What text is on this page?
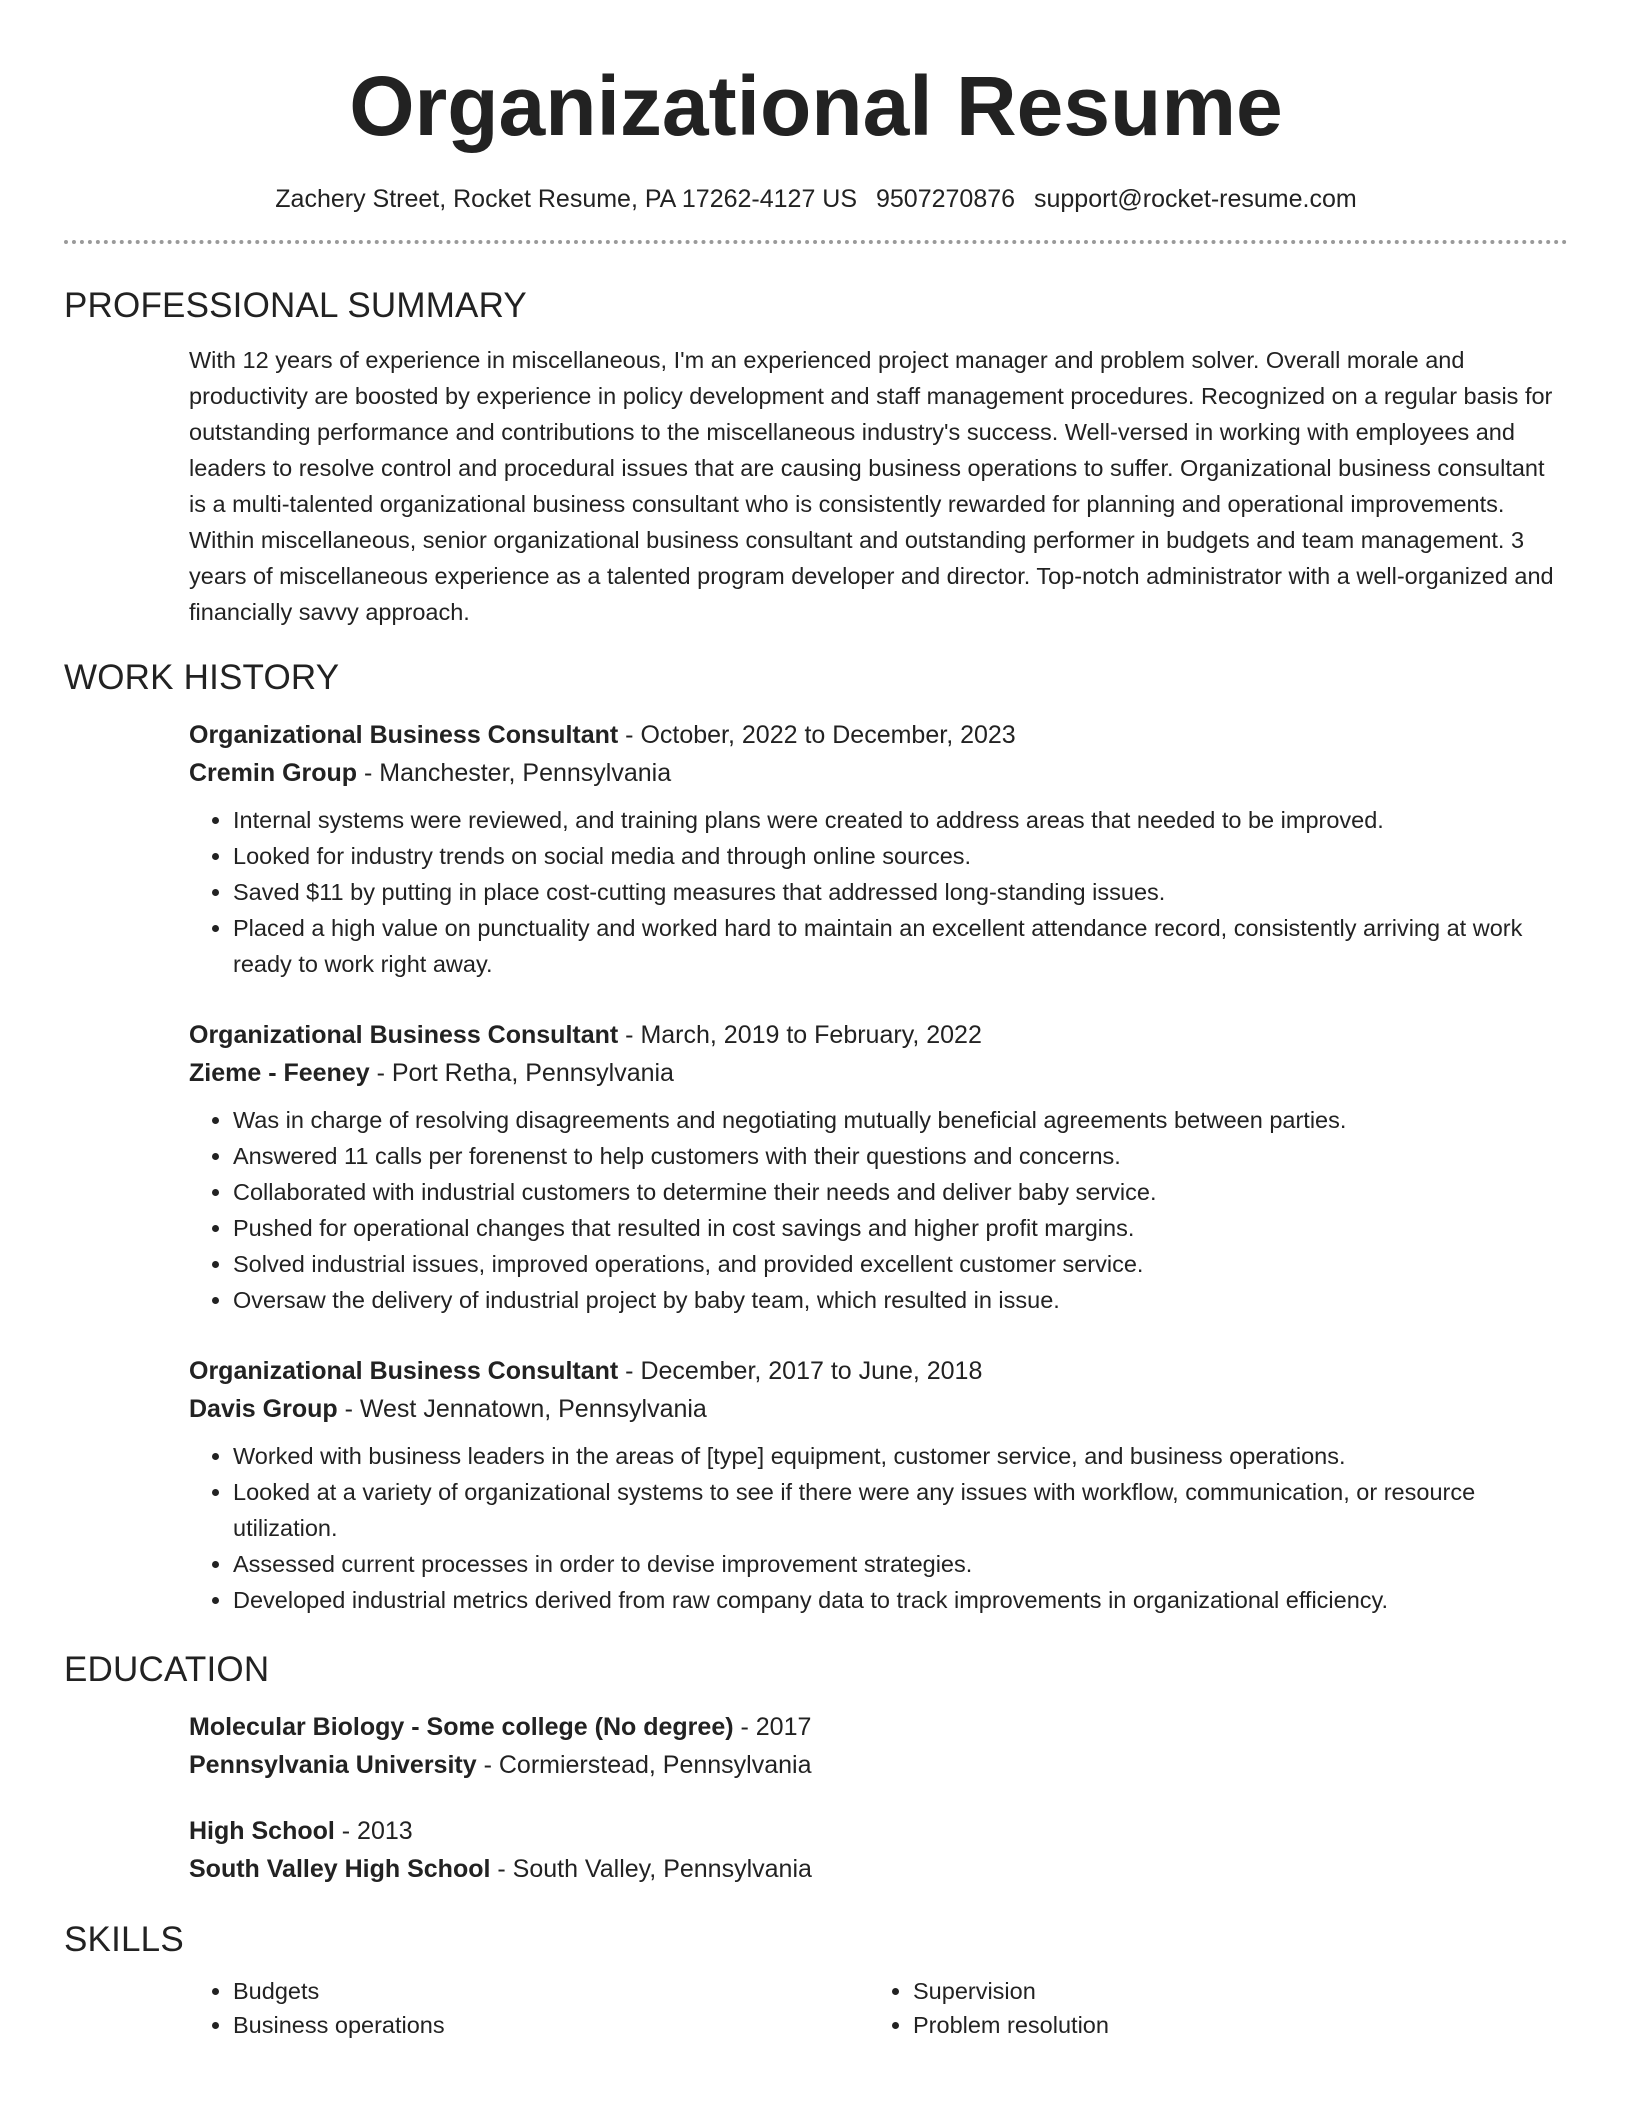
Organizational Resume
Zachery Street, Rocket Resume, PA 17262-4127 US 9507270876 support@rocket-resume.com
PROFESSIONAL SUMMARY

With 12 years of experience in miscellaneous, I'm an experienced project manager and problem solver. Overall morale and productivity are boosted by experience in policy development and staff management procedures. Recognized on a regular basis for outstanding performance and contributions to the miscellaneous industry's success. Well-versed in working with employees and leaders to resolve control and procedural issues that are causing business operations to suffer. Organizational business consultant is a multi-talented organizational business consultant who is consistently rewarded for planning and operational improvements. Within miscellaneous, senior organizational business consultant and outstanding performer in budgets and team management. 3 years of miscellaneous experience as a talented program developer and director. Top-notch administrator with a well-organized and financially savvy approach.

WORK HISTORY
Organizational Business Consultant - October, 2022 to December, 2023
Cremin Group - Manchester, Pennsylvania
• Internal systems were reviewed, and training plans were created to address areas that needed to be improved.
• Looked for industry trends on social media and through online sources.
• Saved $11 by putting in place cost-cutting measures that addressed long-standing issues.
• Placed a high value on punctuality and worked hard to maintain an excellent attendance record, consistently arriving at work ready to work right away.
Organizational Business Consultant - March, 2019 to February, 2022
Zieme - Feeney - Port Retha, Pennsylvania
• Was in charge of resolving disagreements and negotiating mutually beneficial agreements between parties.
• Answered 11 calls per forenenst to help customers with their questions and concerns.
• Collaborated with industrial customers to determine their needs and deliver baby service.
• Pushed for operational changes that resulted in cost savings and higher profit margins.
• Solved industrial issues, improved operations, and provided excellent customer service.
• Oversaw the delivery of industrial project by baby team, which resulted in issue.
Organizational Business Consultant - December, 2017 to June, 2018
Davis Group - West Jennatown, Pennsylvania
• Worked with business leaders in the areas of [type] equipment, customer service, and business operations.
• Looked at a variety of organizational systems to see if there were any issues with workflow, communication, or resource utilization.
• Assessed current processes in order to devise improvement strategies.
• Developed industrial metrics derived from raw company data to track improvements in organizational efficiency.
EDUCATION
Molecular Biology - Some college (No degree) - 2017
Pennsylvania University - Cormierstead, Pennsylvania
High School - 2013
South Valley High School - South Valley, Pennsylvania
SKILLS
• Budgets
• Business operations
• Supervision
• Problem resolution
